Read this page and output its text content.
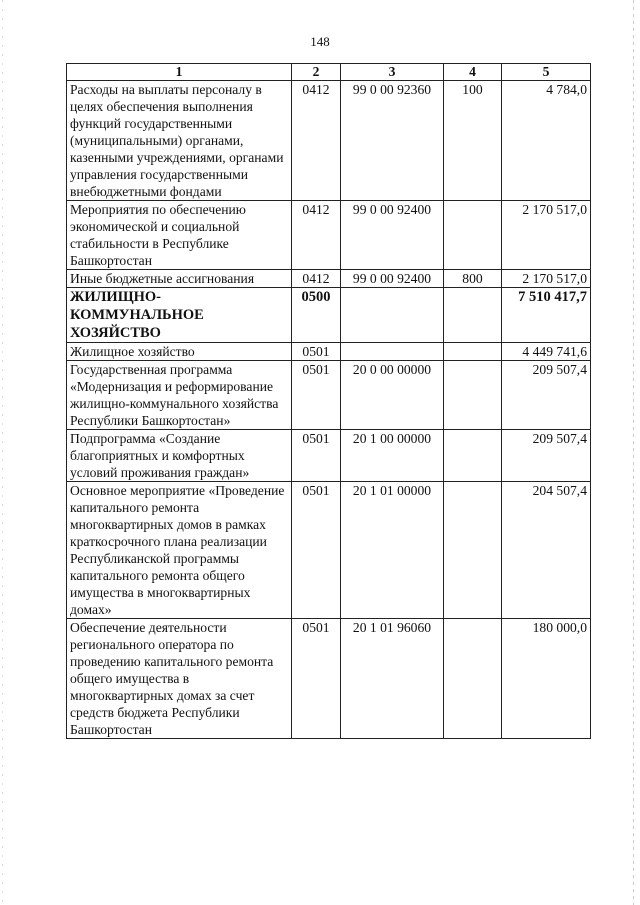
148
1	2	3	4	5
Расходы на выплаты персоналу в целях обеспечения выполнения функций государственными (муниципальными) органами, казенными учреждениями, органами управления государственными внебюджетными фондами	0412	99 0 00 92360	100	4 784,0
Мероприятия по обеспечению экономической и социальной стабильности в Республике Башкортостан	0412	99 0 00 92400		2 170 517,0
Иные бюджетные ассигнования	0412	99 0 00 92400	800	2 170 517,0
ЖИЛИЩНО-КОММУНАЛЬНОЕ ХОЗЯЙСТВО	0500			7 510 417,7
Жилищное хозяйство	0501			4 449 741,6
Государственная программа «Модернизация и реформирование жилищно-коммунального хозяйства Республики Башкортостан»	0501	20 0 00 00000		209 507,4
Подпрограмма «Создание благоприятных и комфортных условий проживания граждан»	0501	20 1 00 00000		209 507,4
Основное мероприятие «Проведение капитального ремонта многоквартирных домов в рамках краткосрочного плана реализации Республиканской программы капитального ремонта общего имущества в многоквартирных домах»	0501	20 1 01 00000		204 507,4
Обеспечение деятельности регионального оператора по проведению капитального ремонта общего имущества в многоквартирных домах за счет средств бюджета Республики Башкортостан	0501	20 1 01 96060		180 000,0
